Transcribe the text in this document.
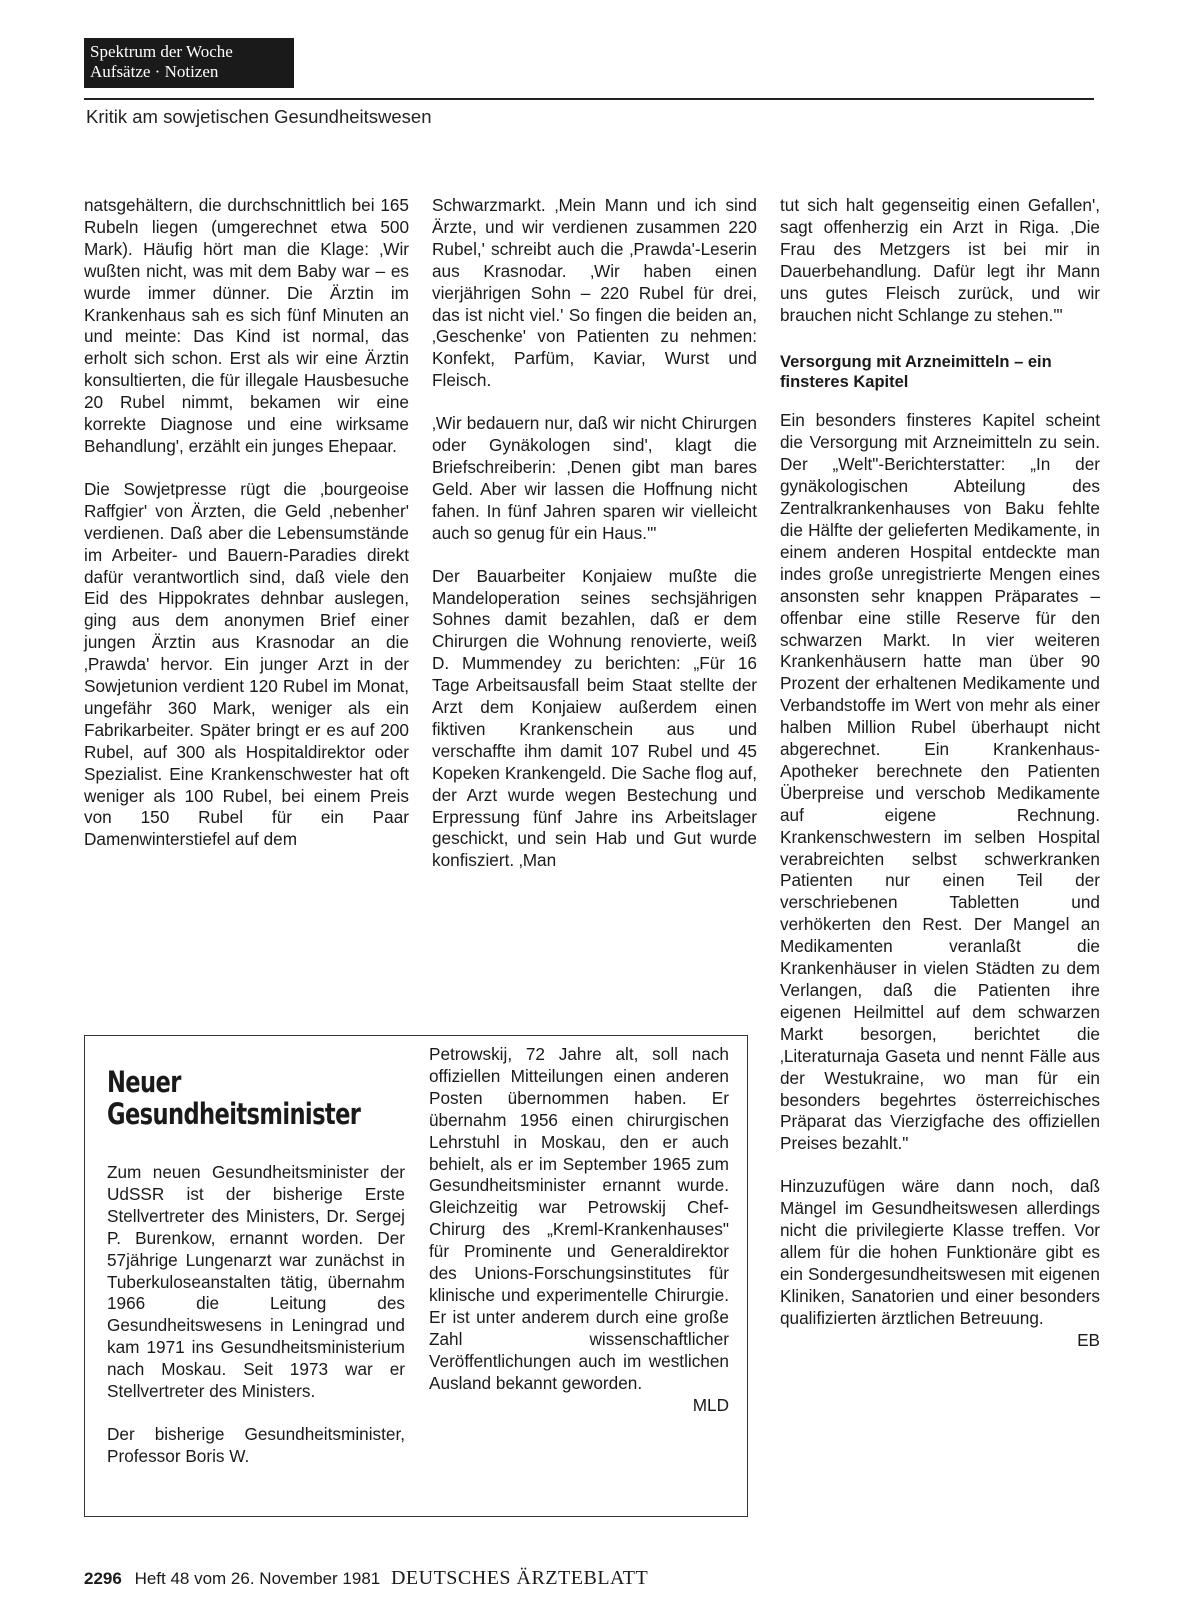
Spektrum der Woche
Aufsätze · Notizen
Kritik am sowjetischen Gesundheitswesen

natsgehältern, die durchschnittlich bei 165 Rubeln liegen (umgerechnet etwa 500 Mark). Häufig hört man die Klage: ‚Wir wußten nicht, was mit dem Baby war – es wurde immer dünner. Die Ärztin im Krankenhaus sah es sich fünf Minuten an und meinte: Das Kind ist normal, das erholt sich schon. Erst als wir eine Ärztin konsultierten, die für illegale Hausbesuche 20 Rubel nimmt, bekamen wir eine korrekte Diagnose und eine wirksame Behandlung', erzählt ein junges Ehepaar.

Die Sowjetpresse rügt die ‚bourgeoise Raffgier' von Ärzten, die Geld ‚nebenher' verdienen. Daß aber die Lebensumstände im Arbeiter- und Bauern-Paradies direkt dafür verantwortlich sind, daß viele den Eid des Hippokrates dehnbar auslegen, ging aus dem anonymen Brief einer jungen Ärztin aus Krasnodar an die ‚Prawda' hervor. Ein junger Arzt in der Sowjetunion verdient 120 Rubel im Monat, ungefähr 360 Mark, weniger als ein Fabrikarbeiter. Später bringt er es auf 200 Rubel, auf 300 als Hospitaldirektor oder Spezialist. Eine Krankenschwester hat oft weniger als 100 Rubel, bei einem Preis von 150 Rubel für ein Paar Damenwinterstiefel auf dem

Schwarzmarkt. ‚Mein Mann und ich sind Ärzte, und wir verdienen zusammen 220 Rubel,' schreibt auch die ‚Prawda'-Leserin aus Krasnodar. ‚Wir haben einen vierjährigen Sohn – 220 Rubel für drei, das ist nicht viel.' So fingen die beiden an, ‚Geschenke' von Patienten zu nehmen: Konfekt, Parfüm, Kaviar, Wurst und Fleisch.

‚Wir bedauern nur, daß wir nicht Chirurgen oder Gynäkologen sind', klagt die Briefschreiberin: ‚Denen gibt man bares Geld. Aber wir lassen die Hoffnung nicht fahen. In fünf Jahren sparen wir vielleicht auch so genug für ein Haus.'"

Der Bauarbeiter Konjaiew mußte die Mandeloperation seines sechsjährigen Sohnes damit bezahlen, daß er dem Chirurgen die Wohnung renovierte, weiß D. Mummendey zu berichten: „Für 16 Tage Arbeitsausfall beim Staat stellte der Arzt dem Konjaiew außerdem einen fiktiven Krankenschein aus und verschaffte ihm damit 107 Rubel und 45 Kopeken Krankengeld. Die Sache flog auf, der Arzt wurde wegen Bestechung und Erpressung fünf Jahre ins Arbeitslager geschickt, und sein Hab und Gut wurde konfisziert. ‚Man

tut sich halt gegenseitig einen Gefallen', sagt offenherzig ein Arzt in Riga. ‚Die Frau des Metzgers ist bei mir in Dauerbehandlung. Dafür legt ihr Mann uns gutes Fleisch zurück, und wir brauchen nicht Schlange zu stehen.'"

Versorgung mit Arzneimitteln – ein finsteres Kapitel

Ein besonders finsteres Kapitel scheint die Versorgung mit Arzneimitteln zu sein. Der „Welt"-Berichterstatter: „In der gynäkologischen Abteilung des Zentralkrankenhauses von Baku fehlte die Hälfte der gelieferten Medikamente, in einem anderen Hospital entdeckte man indes große unregistrierte Mengen eines ansonsten sehr knappen Präparates – offenbar eine stille Reserve für den schwarzen Markt. In vier weiteren Krankenhäusern hatte man über 90 Prozent der erhaltenen Medikamente und Verbandstoffe im Wert von mehr als einer halben Million Rubel überhaupt nicht abgerechnet. Ein Krankenhaus-Apotheker berechnete den Patienten Überpreise und verschob Medikamente auf eigene Rechnung. Krankenschwestern im selben Hospital verabreichten selbst schwerkranken Patienten nur einen Teil der verschriebenen Tabletten und verhökerten den Rest. Der Mangel an Medikamenten veranlaßt die Krankenhäuser in vielen Städten zu dem Verlangen, daß die Patienten ihre eigenen Heilmittel auf dem schwarzen Markt besorgen, berichtet die ‚Literaturnaja Gaseta und nennt Fälle aus der Westukraine, wo man für ein besonders begehrtes österreichisches Präparat das Vierzigfache des offiziellen Preises bezahlt."

Hinzuzufügen wäre dann noch, daß Mängel im Gesundheitswesen allerdings nicht die privilegierte Klasse treffen. Vor allem für die hohen Funktionäre gibt es ein Sondergesundheitswesen mit eigenen Kliniken, Sanatorien und einer besonders qualifizierten ärztlichen Betreuung.

EB
Neuer
Gesundheitsminister

Zum neuen Gesundheitsminister der UdSSR ist der bisherige Erste Stellvertreter des Ministers, Dr. Sergej P. Burenkow, ernannt worden. Der 57jährige Lungenarzt war zunächst in Tuberkuloseanstalten tätig, übernahm 1966 die Leitung des Gesundheitswesens in Leningrad und kam 1971 ins Gesundheitsministerium nach Moskau. Seit 1973 war er Stellvertreter des Ministers.

Der bisherige Gesundheitsminister, Professor Boris W.

Petrowskij, 72 Jahre alt, soll nach offiziellen Mitteilungen einen anderen Posten übernommen haben. Er übernahm 1956 einen chirurgischen Lehrstuhl in Moskau, den er auch behielt, als er im September 1965 zum Gesundheitsminister ernannt wurde. Gleichzeitig war Petrowskij Chef-Chirurg des „Kreml-Krankenhauses" für Prominente und Generaldirektor des Unions-Forschungsinstitutes für klinische und experimentelle Chirurgie. Er ist unter anderem durch eine große Zahl wissenschaftlicher Veröffentlichungen auch im westlichen Ausland bekannt geworden.

MLD
2296 Heft 48 vom 26. November 1981 DEUTSCHES ÄRZTEBLATT
